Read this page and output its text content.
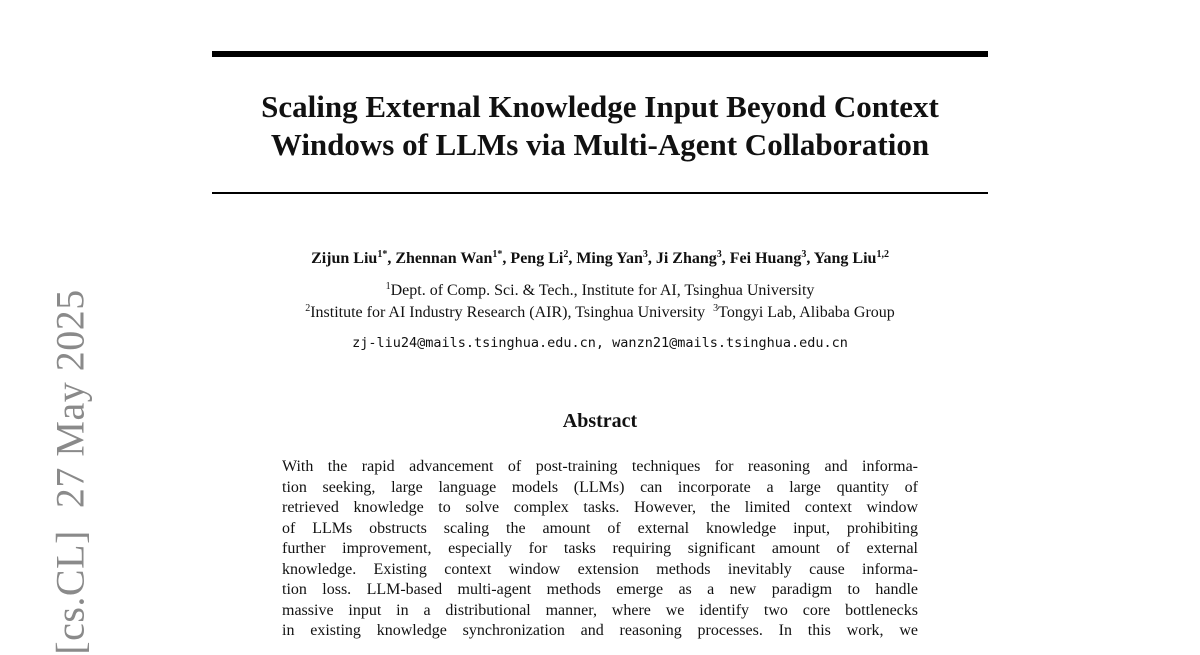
Scaling External Knowledge Input Beyond Context
Windows of LLMs via Multi-Agent Collaboration
Zijun Liu$^{1*}$, Zhennan Wan$^{1*}$, Peng Li$^2$, Ming Yan$^3$, Ji Zhang$^3$, Fei Huang$^3$, Yang Liu$^{1,2}$
$^1$Dept. of Comp. Sci. & Tech., Institute for AI, Tsinghua University
$^2$Institute for AI Industry Research (AIR), Tsinghua University $^3$Tongyi Lab, Alibaba Group
zj-liu24@mails.tsinghua.edu.cn, wanzn21@mails.tsinghua.edu.cn
Abstract
With the rapid advancement of post-training techniques for reasoning and informa-
tion seeking, large language models (LLMs) can incorporate a large quantity of
retrieved knowledge to solve complex tasks. However, the limited context window
of LLMs obstructs scaling the amount of external knowledge input, prohibiting
further improvement, especially for tasks requiring significant amount of external
knowledge. Existing context window extension methods inevitably cause informa-
tion loss. LLM-based multi-agent methods emerge as a new paradigm to handle
massive input in a distributional manner, where we identify two core bottlenecks
in existing knowledge synchronization and reasoning processes. In this work, we
[cs.CL]27 May 2025
